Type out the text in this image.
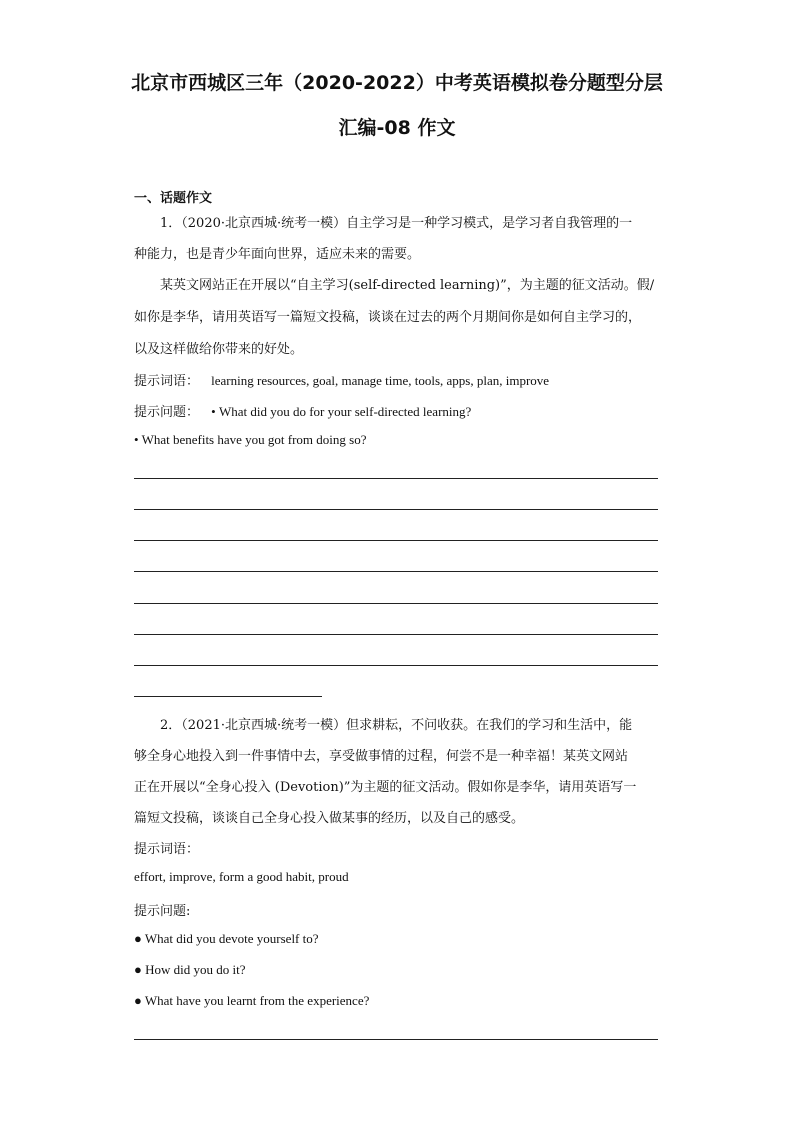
北京市西城区三年（2020-2022）中考英语模拟卷分题型分层
汇编-08 作文
一、话题作文
1．（2020·北京西城·统考一模）自主学习是一种学习模式，是学习者自我管理的一
种能力，也是青少年面向世界，适应未来的需要。
某英文网站正在开展以“自主学习(self-directed learning)”，为主题的征文活动。假/
如你是李华，请用英语写一篇短文投稿，谈谈在过去的两个月期间你是如何自主学习的，
以及这样做给你带来的好处。
提示词语： learning resources, goal, manage time, tools, apps, plan, improve
提示问题： • What did you do for your self-directed learning?
• What benefits have you got from doing so?
2．（2021·北京西城·统考一模）但求耕耘，不问收获。在我们的学习和生活中，能
够全身心地投入到一件事情中去，享受做事情的过程，何尝不是一种幸福！某英文网站
正在开展以“全身心投入 (Devotion)”为主题的征文活动。假如你是李华，请用英语写一
篇短文投稿，谈谈自己全身心投入做某事的经历，以及自己的感受。
提示词语：
effort, improve, form a good habit, proud
提示问题:
● What did you devote yourself to?
● How did you do it?
● What have you learnt from the experience?
